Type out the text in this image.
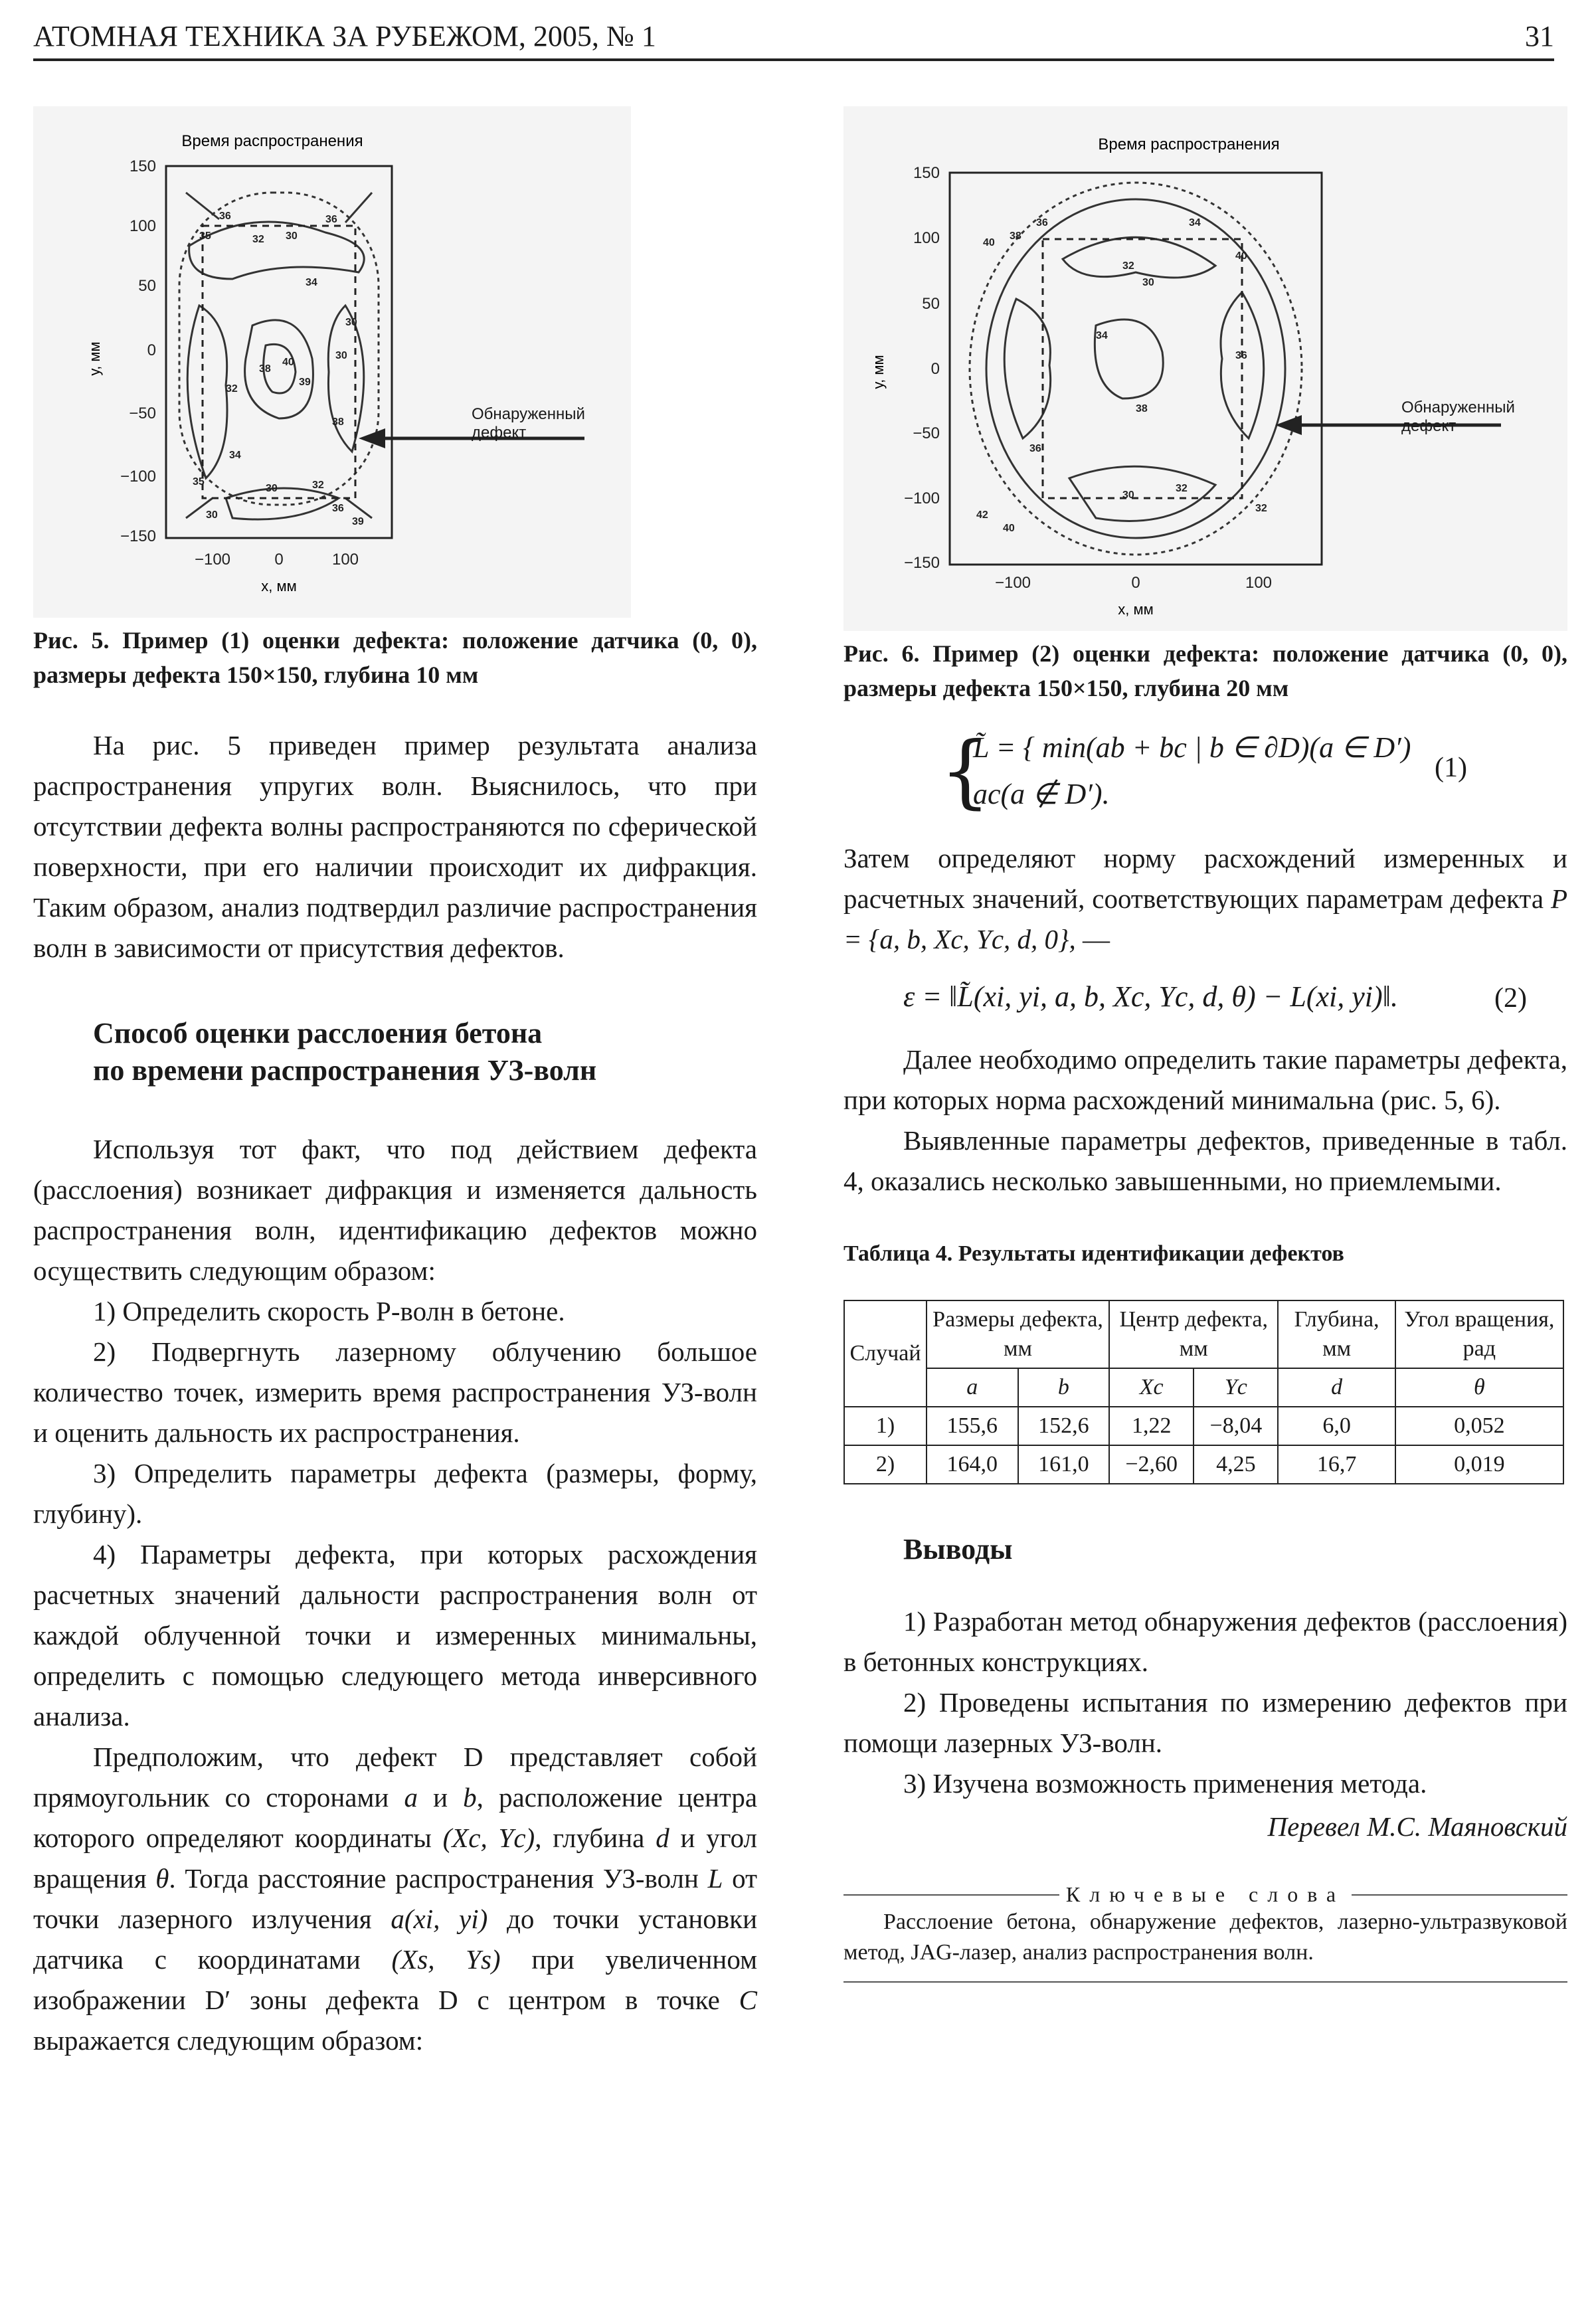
АТОМНАЯ ТЕХНИКА ЗА РУБЕЖОМ, 2005, № 1	31
Время распространения
36	36
35	32 30
34
38
40
39
30
30
32
38
32
30
34
36
39
35
30
150
100
50
0
−50
−100
−150
−100	0	100
х, мм
у, мм
Обнаруженный дефект
Рис. 5. Пример (1) оценки дефекта: положение датчика (0, 0), размеры дефекта 150×150, глубина 10 мм

На рис. 5 приведен пример результата анализа распространения упругих волн. Выяснилось, что при отсутствии дефекта волны распространяются по сферической поверхности, при его наличии происходит их дифракция. Таким образом, анализ подтвердил различие распространения волн в зависимости от присутствия дефектов.

Способ оценки расслоения бетона
по времени распространения УЗ-волн

Используя тот факт, что под действием дефекта (расслоения) возникает дифракция и изменяется дальность распространения волн, идентификацию дефектов можно осуществить следующим образом:

1) Определить скорость Р-волн в бетоне.

2) Подвергнуть лазерному облучению большое количество точек, измерить время распространения УЗ-волн и оценить дальность их распространения.

3) Определить параметры дефекта (размеры, форму, глубину).

4) Параметры дефекта, при которых расхождения расчетных значений дальности распространения волн от каждой облученной точки и измеренных минимальны, определить с помощью следующего метода инверсивного анализа.

Предположим, что дефект D представляет собой прямоугольник со сторонами a и b, расположение центра которого определяют координаты (Xc, Yc), глубина d и угол вращения θ. Тогда расстояние распространения УЗ-волн L от точки лазерного излучения a(xi, yi) до точки установки датчика с координатами (Xs, Ys) при увеличенном изображении D′ зоны дефекта D с центром в точке C выражается следующим образом:

Время распространения
40
38
36	34
32
30
40
36
38
36
42
40
32
30
34
32
150
100
50
0
−50
−100
−150
−100	0	100
х, мм
у, мм
Обнаруженный дефект
Рис. 6. Пример (2) оценки дефекта: положение датчика (0, 0), размеры дефекта 150×150, глубина 20 мм
{
L̃ = { min(ab + bc | b ∈ ∂D)(a ∈ D′)
ac(a ∉ D′).
(1)

Затем определяют норму расхождений измеренных и расчетных значений, соответствующих параметрам дефекта P = {a, b, Xc, Yc, d, 0}, —

ε = ‖L̃(xi, yi, a, b, Xc, Yc, d, θ) − L(xi, yi)‖.	(2)

Далее необходимо определить такие параметры дефекта, при которых норма расхождений минимальна (рис. 5, 6).

Выявленные параметры дефектов, приведенные в табл. 4, оказались несколько завышенными, но приемлемыми.

Таблица 4. Результаты идентификации дефектов
Случай	Размеры дефекта, мм		Центр дефекта, мм		Глубина, мм	Угол вращения, рад
	a	b	Xc	Yc	d	θ
1)	155,6	152,6	1,22	−8,04	6,0	0,052
2)	164,0	161,0	−2,60	4,25	16,7	0,019
Выводы

1) Разработан метод обнаружения дефектов (расслоения) в бетонных конструкциях.

2) Проведены испытания по измерению дефектов при помощи лазерных УЗ-волн.

3) Изучена возможность применения метода.

Перевел М.С. Маяновский
Ключевые слова
Расслоение бетона, обнаружение дефектов, лазерно-ультразвуковой метод, JAG-лазер, анализ распространения волн.
